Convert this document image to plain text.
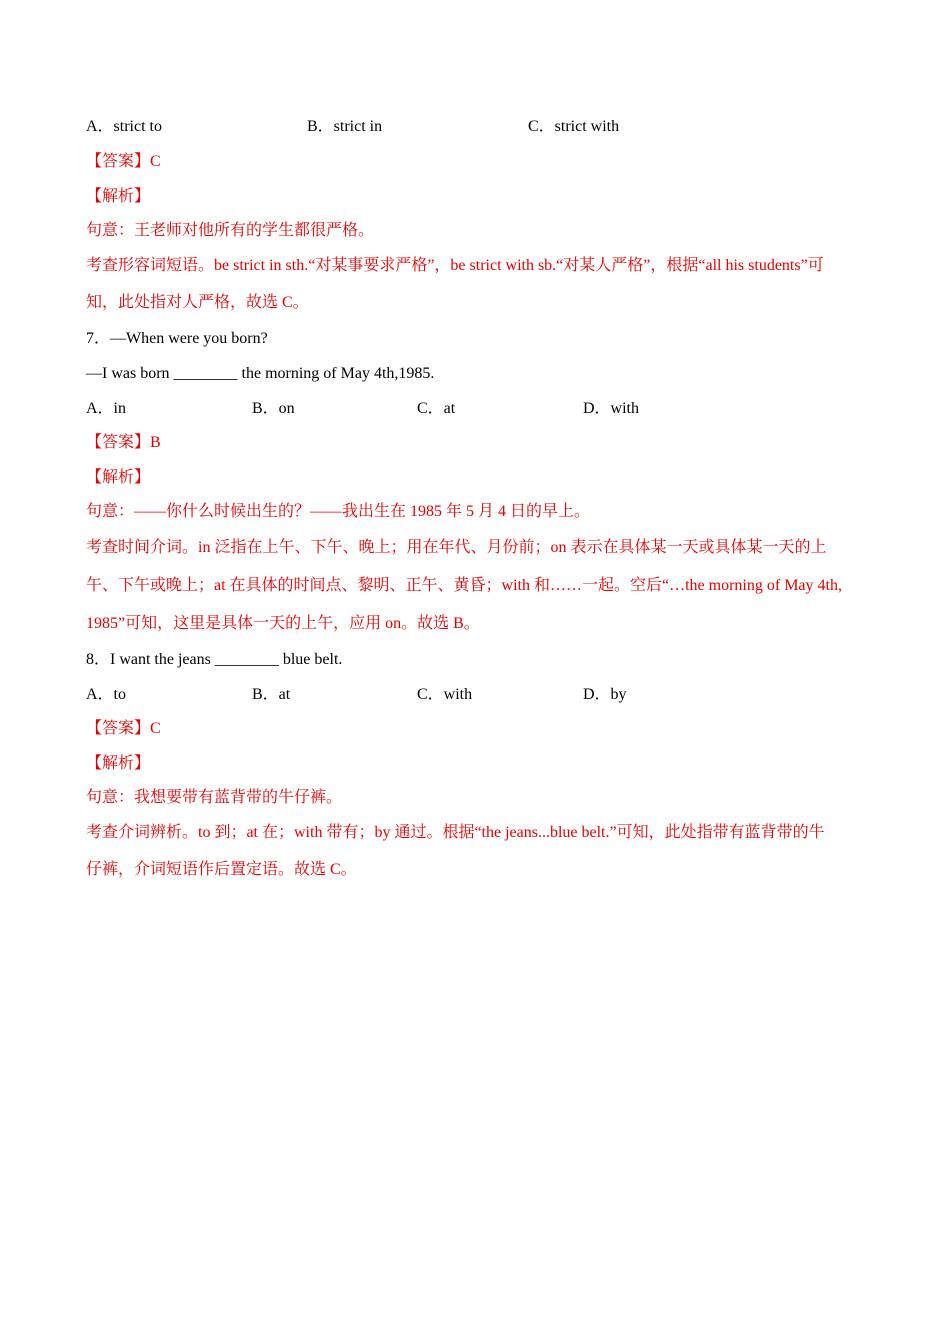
A．strict to	B．strict in	C．strict with
【答案】C
【解析】
句意：王老师对他所有的学生都很严格。
考查形容词短语。be strict in sth.“对某事要求严格”，be strict with sb.“对某人严格”，根据“all his students”可
知，此处指对人严格，故选 C。
7．—When were you born?
—I was born ________ the morning of May 4th,1985.
A．in	B．on	C．at	D．with
【答案】B
【解析】
句意：——你什么时候出生的？——我出生在 1985 年 5 月 4 日的早上。
考查时间介词。in 泛指在上午、下午、晚上；用在年代、月份前；on 表示在具体某一天或具体某一天的上
午、下午或晚上；at 在具体的时间点、黎明、正午、黄昏；with 和……一起。空后“…the morning of May 4th,
1985”可知，这里是具体一天的上午，应用 on。故选 B。
8．I want the jeans ________ blue belt.
A．to	B．at	C．with	D．by
【答案】C
【解析】
句意：我想要带有蓝背带的牛仔裤。
考查介词辨析。to 到；at 在；with 带有；by 通过。根据“the jeans...blue belt.”可知，此处指带有蓝背带的牛
仔裤，介词短语作后置定语。故选 C。
